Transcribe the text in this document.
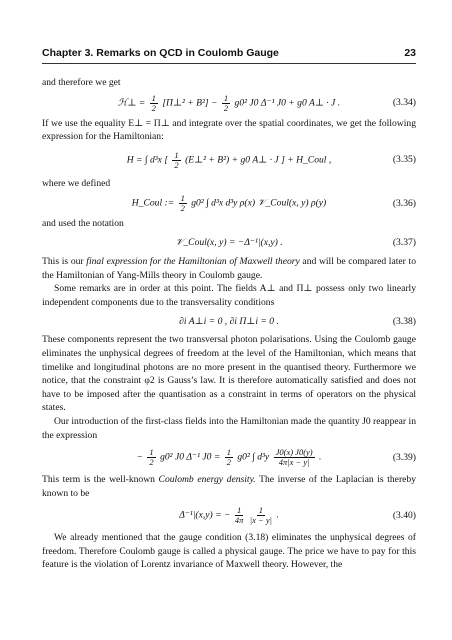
Chapter 3. Remarks on QCD in Coulomb Gauge	23

and therefore we get

ℋ⊥ = $\frac{1}{2}$ [Π⊥² + $B^2] - \frac{1}{2} g0^2$ J0 Δ⁻¹ J0 + g0 A⊥ · J .	(3.34)

If we use the equality E⊥ = Π⊥ and integrate over the spatial coordinates, we get the following expression for the Hamiltonian:

H = ∫ d³x [ $\frac{1}{2}$ (E⊥² + B²) + g0 A⊥ · J ] + H_Coul ,	(3.35)

where we defined

H_Coul := $\frac{1}{2} g0^2$ ∫ d³x d³y ρ(x) 𝒱_Coul(x, y) ρ(y)	(3.36)

and used the notation

𝒱_Coul(x, y) = −Δ⁻¹|(x,y) .	(3.37)

This is our final expression for the Hamiltonian of Maxwell theory and will be compared later to the Hamiltonian of Yang-Mills theory in Coulomb gauge.

Some remarks are in order at this point. The fields A⊥ and Π⊥ possess only two linearly independent components due to the transversality conditions

∂i A⊥i = 0 , ∂i Π⊥i = 0 .	(3.38)

These components represent the two transversal photon polarisations. Using the Coulomb gauge eliminates the unphysical degrees of freedom at the level of the Hamiltonian, which means that timelike and longitudinal photons are no more present in the quantised theory. Furthermore we notice, that the constraint φ2 is Gauss’s law. It is therefore automatically satisfied and does not have to be imposed after the quantisation as a constraint in terms of operators on the physical states.

Our introduction of the first-class fields into the Hamiltonian made the quantity J0 reappear in the expression

− $\frac{1}{2} g0^2$ J0 Δ⁻¹ $J0 = \frac{1}{2} g0^2$ ∫ $d^3y \frac{J0(x) J0(y)}{4\pi|x - y|}$ .	(3.39)

This term is the well-known Coulomb energy density. The inverse of the Laplacian is thereby known to be

Δ⁻¹|(x,y) = − $\frac{1}{4\pi}$
$\frac{1}{|x - y|}$ .	(3.40)

We already mentioned that the gauge condition (3.18) eliminates the unphysical degrees of freedom. Therefore Coulomb gauge is called a physical gauge. The price we have to pay for this feature is the violation of Lorentz invariance of Maxwell theory. However, the
